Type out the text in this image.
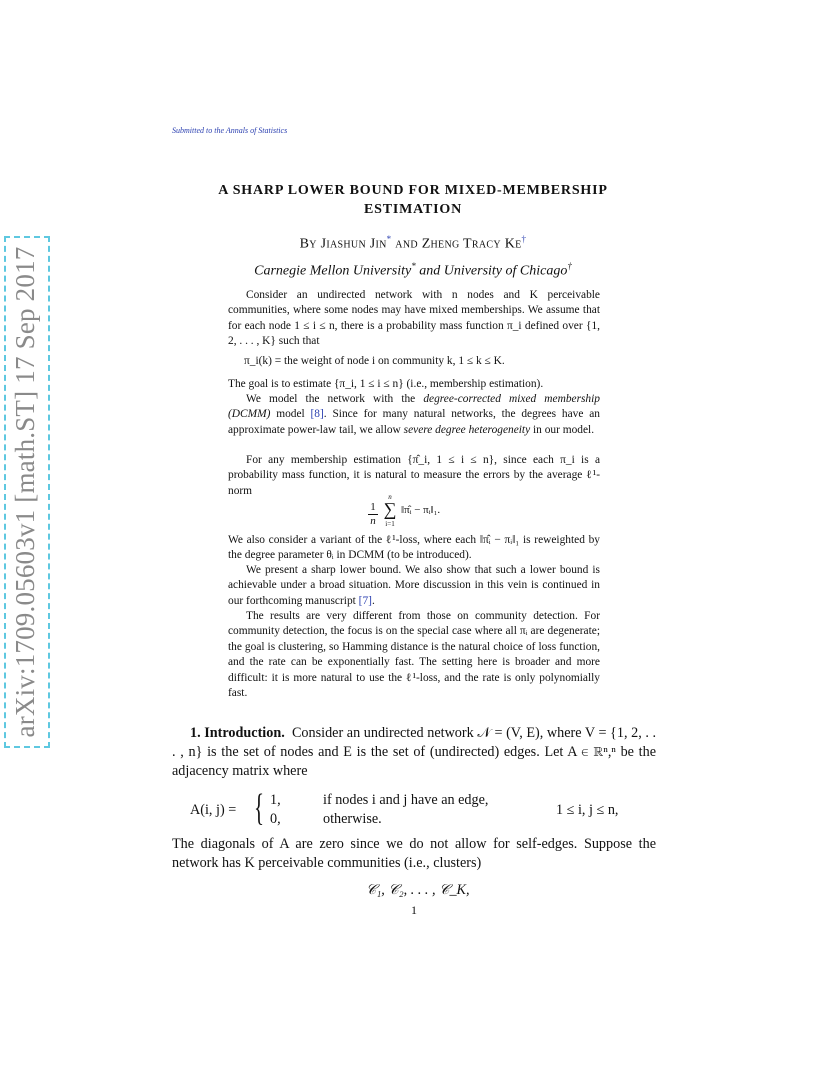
arXiv:1709.05603v1 [math.ST] 17 Sep 2017
Submitted to the Annals of Statistics
A SHARP LOWER BOUND FOR MIXED-MEMBERSHIP
ESTIMATION
By Jiashun Jin* and Zheng Tracy Ke†
Carnegie Mellon University* and University of Chicago†
Consider an undirected network with n nodes and K perceivable communities, where some nodes may have mixed memberships. We assume that for each node 1 ≤ i ≤ n, there is a probability mass function π_i defined over {1, 2, . . . , K} such that
π_i(k) = the weight of node i on community k, 1 ≤ k ≤ K.
The goal is to estimate {π_i, 1 ≤ i ≤ n} (i.e., membership estimation).
We model the network with the degree-corrected mixed membership (DCMM) model [8]. Since for many natural networks, the degrees have an approximate power-law tail, we allow severe degree heterogeneity in our model.
For any membership estimation {π̂_i, 1 ≤ i ≤ n}, since each π_i is a probability mass function, it is natural to measure the errors by the average ℓ¹-norm
1
n
n
∑
i=1
‖π̂ᵢ − πᵢ‖₁.
We also consider a variant of the ℓ¹-loss, where each ‖π̂ᵢ − πᵢ‖₁ is reweighted by the degree parameter θᵢ in DCMM (to be introduced).
We present a sharp lower bound. We also show that such a lower bound is achievable under a broad situation. More discussion in this vein is continued in our forthcoming manuscript [7].
The results are very different from those on community detection. For community detection, the focus is on the special case where all πᵢ are degenerate; the goal is clustering, so Hamming distance is the natural choice of loss function, and the rate can be exponentially fast. The setting here is broader and more difficult: it is more natural to use the ℓ¹-loss, and the rate is only polynomially fast.
1. Introduction. Consider an undirected network 𝒩 = (V, E), where V = {1, 2, . . . , n} is the set of nodes and E is the set of (undirected) edges. Let A ∈ ℝⁿ,ⁿ be the adjacency matrix where
A(i, j) = { 1,	if nodes i and j have an edge,
0,	otherwise.
1 ≤ i, j ≤ n,
The diagonals of A are zero since we do not allow for self-edges. Suppose the network has K perceivable communities (i.e., clusters)
𝒞₁, 𝒞₂, . . . , 𝒞_K,
1
